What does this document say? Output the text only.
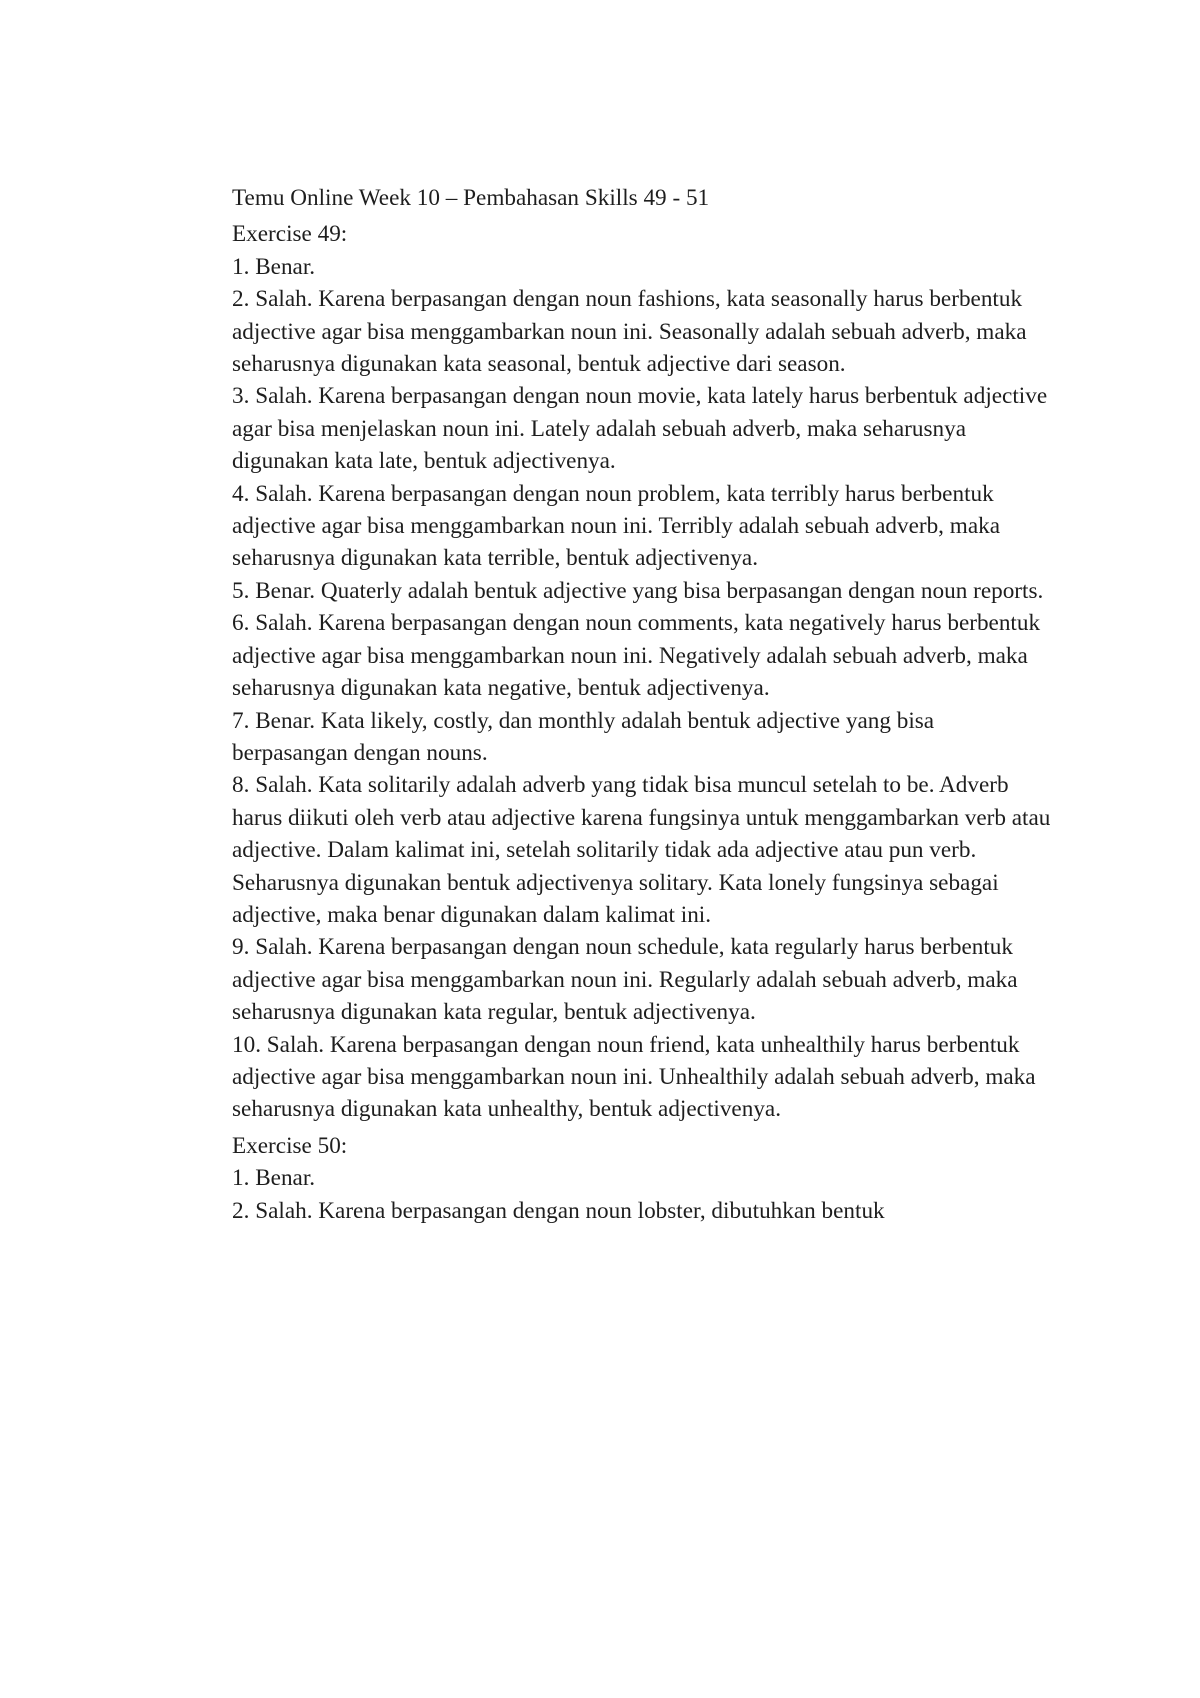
Temu Online Week 10 – Pembahasan Skills 49 - 51

Exercise 49:

1. Benar.
2. Salah. Karena berpasangan dengan noun fashions, kata seasonally harus berbentuk adjective agar bisa menggambarkan noun ini. Seasonally adalah sebuah adverb, maka seharusnya digunakan kata seasonal, bentuk adjective dari season.
3. Salah. Karena berpasangan dengan noun movie, kata lately harus berbentuk adjective agar bisa menjelaskan noun ini. Lately adalah sebuah adverb, maka seharusnya digunakan kata late, bentuk adjectivenya.
4. Salah. Karena berpasangan dengan noun problem, kata terribly harus berbentuk adjective agar bisa menggambarkan noun ini. Terribly adalah sebuah adverb, maka seharusnya digunakan kata terrible, bentuk adjectivenya.
5. Benar. Quaterly adalah bentuk adjective yang bisa berpasangan dengan noun reports.
6. Salah. Karena berpasangan dengan noun comments, kata negatively harus berbentuk adjective agar bisa menggambarkan noun ini. Negatively adalah sebuah adverb, maka seharusnya digunakan kata negative, bentuk adjectivenya.
7. Benar. Kata likely, costly, dan monthly adalah bentuk adjective yang bisa berpasangan dengan nouns.
8. Salah. Kata solitarily adalah adverb yang tidak bisa muncul setelah to be. Adverb harus diikuti oleh verb atau adjective karena fungsinya untuk menggambarkan verb atau adjective. Dalam kalimat ini, setelah solitarily tidak ada adjective atau pun verb. Seharusnya digunakan bentuk adjectivenya solitary. Kata lonely fungsinya sebagai adjective, maka benar digunakan dalam kalimat ini.
9. Salah. Karena berpasangan dengan noun schedule, kata regularly harus berbentuk adjective agar bisa menggambarkan noun ini. Regularly adalah sebuah adverb, maka seharusnya digunakan kata regular, bentuk adjectivenya.
10. Salah. Karena berpasangan dengan noun friend, kata unhealthily harus berbentuk adjective agar bisa menggambarkan noun ini. Unhealthily adalah sebuah adverb, maka seharusnya digunakan kata unhealthy, bentuk adjectivenya.

Exercise 50:

1. Benar.
2. Salah. Karena berpasangan dengan noun lobster, dibutuhkan bentuk
